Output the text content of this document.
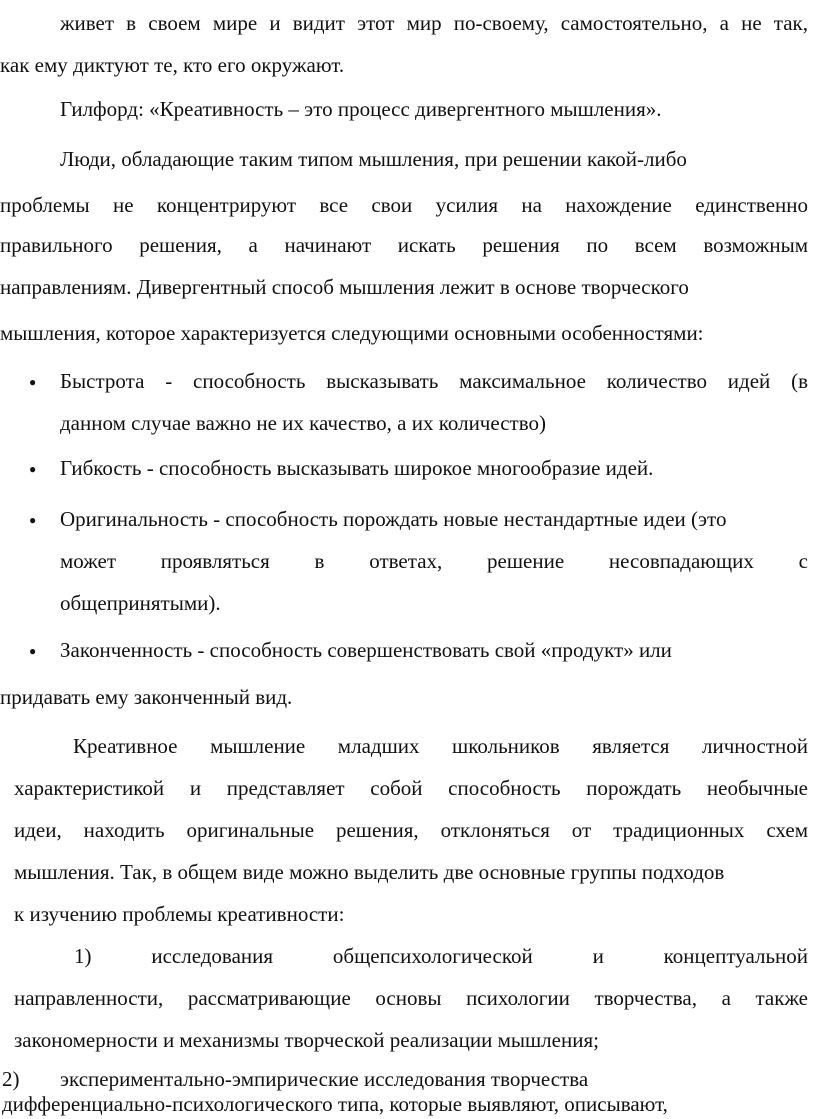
живет в своем мире и видит этот мир по-своему, самостоятельно, а не так,
как ему диктуют те, кто его окружают.
Гилфорд: «Креативность – это процесс дивергентного мышления».
Люди, обладающие таким типом мышления, при решении какой-либо
проблемы не концентрируют все свои усилия на нахождение единственно
правильного решения, а начинают искать решения по всем возможным
направлениям. Дивергентный способ мышления лежит в основе творческого
мышления, которое характеризуется следующими основными особенностями:
● Быстрота - способность высказывать максимальное количество идей (в
данном случае важно не их качество, а их количество)
● Гибкость - способность высказывать широкое многообразие идей.
● Оригинальность - способность порождать новые нестандартные идеи (это
может проявляться в ответах, решение несовпадающих с
общепринятыми).
● Законченность - способность совершенствовать свой «продукт» или
придавать ему законченный вид.
Креативное мышление младших школьников является личностной
характеристикой и представляет собой способность порождать необычные
идеи, находить оригинальные решения, отклоняться от традиционных схем
мышления. Так, в общем виде можно выделить две основные группы подходов
к изучению проблемы креативности:
1) исследования общепсихологической и концептуальной
направленности, рассматривающие основы психологии творчества, а также
закономерности и механизмы творческой реализации мышления;
2) экспериментально-эмпирические исследования творчества
дифференциально-психологического типа, которые выявляют, описывают,
